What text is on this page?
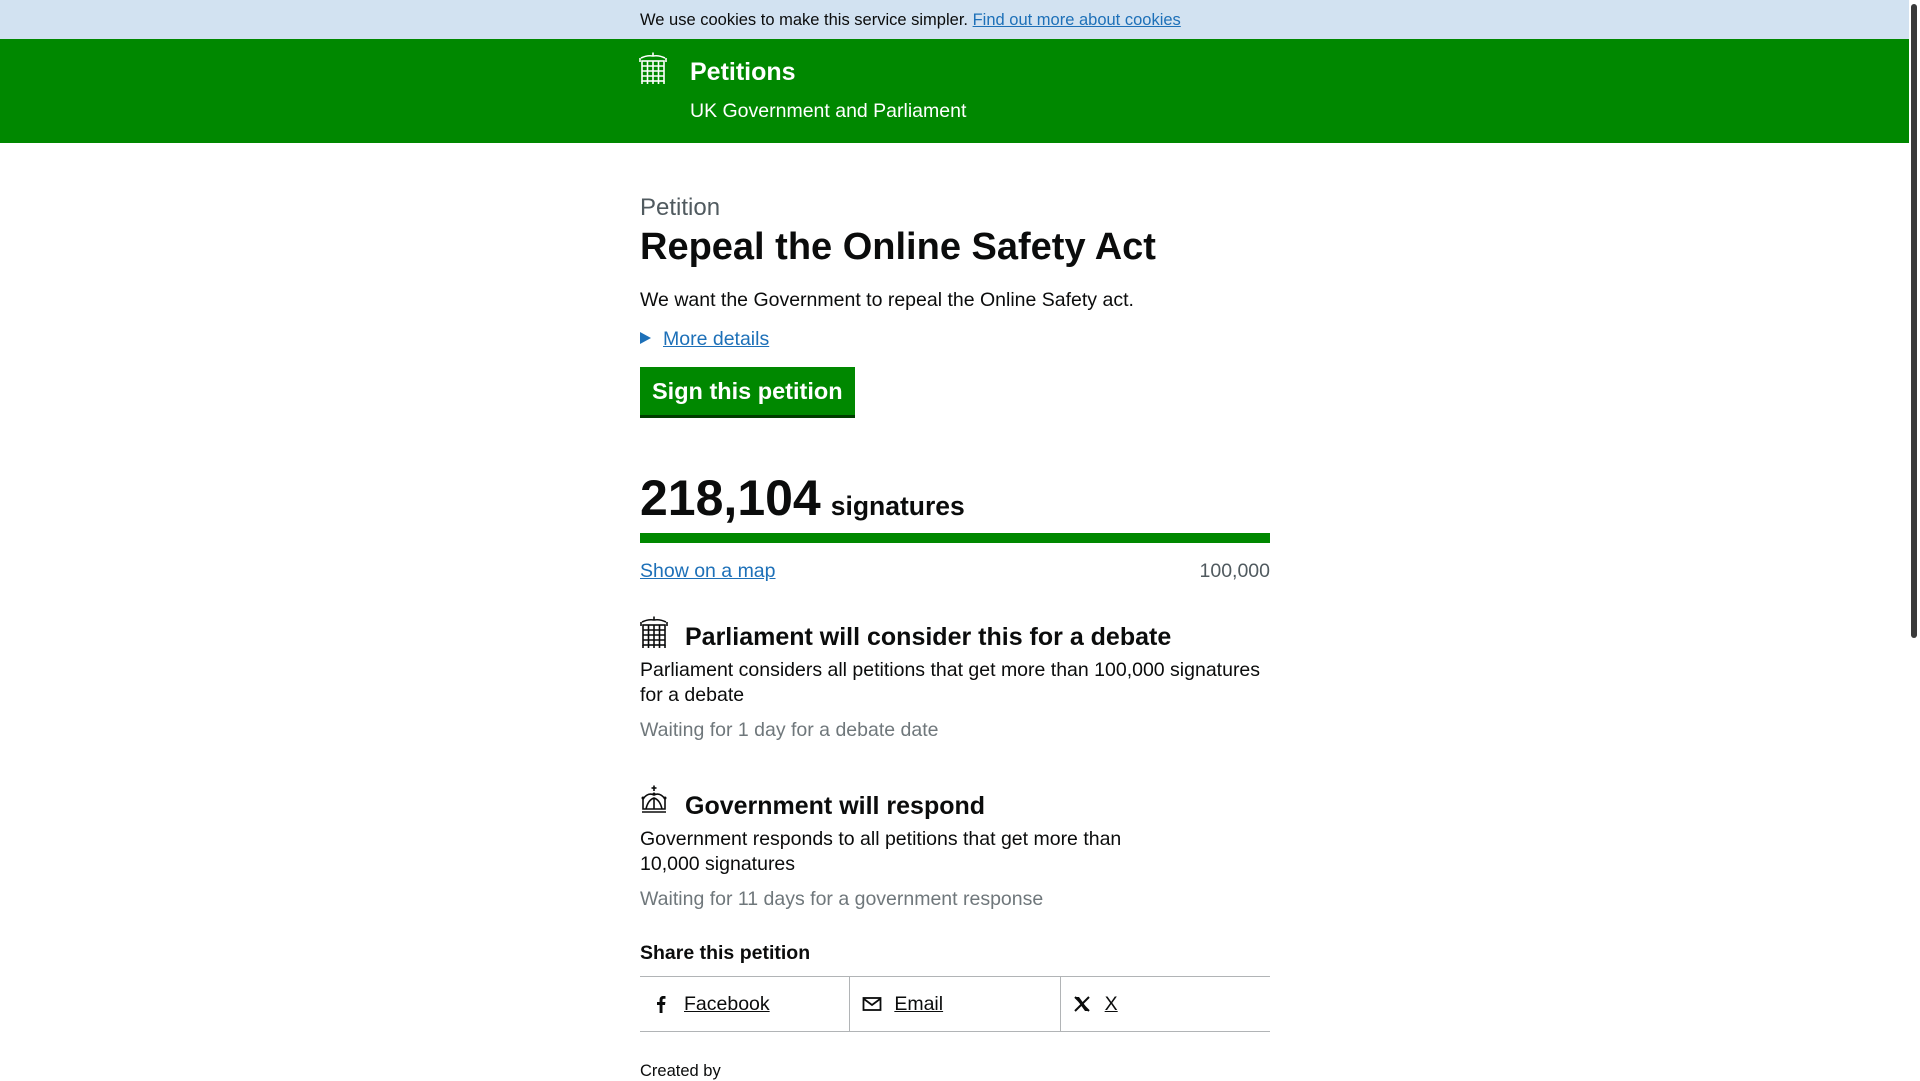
We use cookies to make this service simpler. Find out more about cookies
Petitions
UK Government and Parliament
Petition
Repeal the Online Safety Act
We want the Government to repeal the Online Safety act.
More details
Sign this petition
218,104 signatures
Show on a map	100,000
Parliament will consider this for a debate
Parliament considers all petitions that get more than 100,000 signatures for a debate
Waiting for 1 day for a debate date
Government will respond
Government responds to all petitions that get more than 10,000 signatures
Waiting for 11 days for a government response
Share this petition
Facebook	Email	X
Created by
